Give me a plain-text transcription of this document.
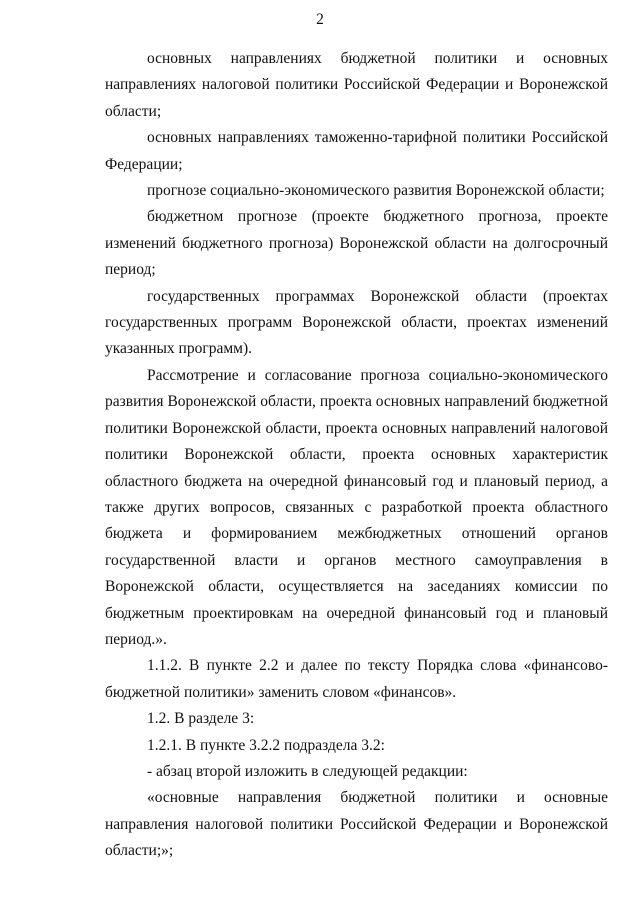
2

основных направлениях бюджетной политики и основных направлениях налоговой политики Российской Федерации и Воронежской области;

основных направлениях таможенно-тарифной политики Российской Федерации;

прогнозе социально-экономического развития Воронежской области;

бюджетном прогнозе (проекте бюджетного прогноза, проекте изменений бюджетного прогноза) Воронежской области на долгосрочный период;

государственных программах Воронежской области (проектах государственных программ Воронежской области, проектах изменений указанных программ).

Рассмотрение и согласование прогноза социально-экономического развития Воронежской области, проекта основных направлений бюджетной политики Воронежской области, проекта основных направлений налоговой политики Воронежской области, проекта основных характеристик областного бюджета на очередной финансовый год и плановый период, а также других вопросов, связанных с разработкой проекта областного бюджета и формированием межбюджетных отношений органов государственной власти и органов местного самоуправления в Воронежской области, осуществляется на заседаниях комиссии по бюджетным проектировкам на очередной финансовый год и плановый период.».

1.1.2. В пункте 2.2 и далее по тексту Порядка слова «финансово-бюджетной политики» заменить словом «финансов».

1.2. В разделе 3:

1.2.1. В пункте 3.2.2 подраздела 3.2:

- абзац второй изложить в следующей редакции:

«основные направления бюджетной политики и основные направления налоговой политики Российской Федерации и Воронежской области;»;
